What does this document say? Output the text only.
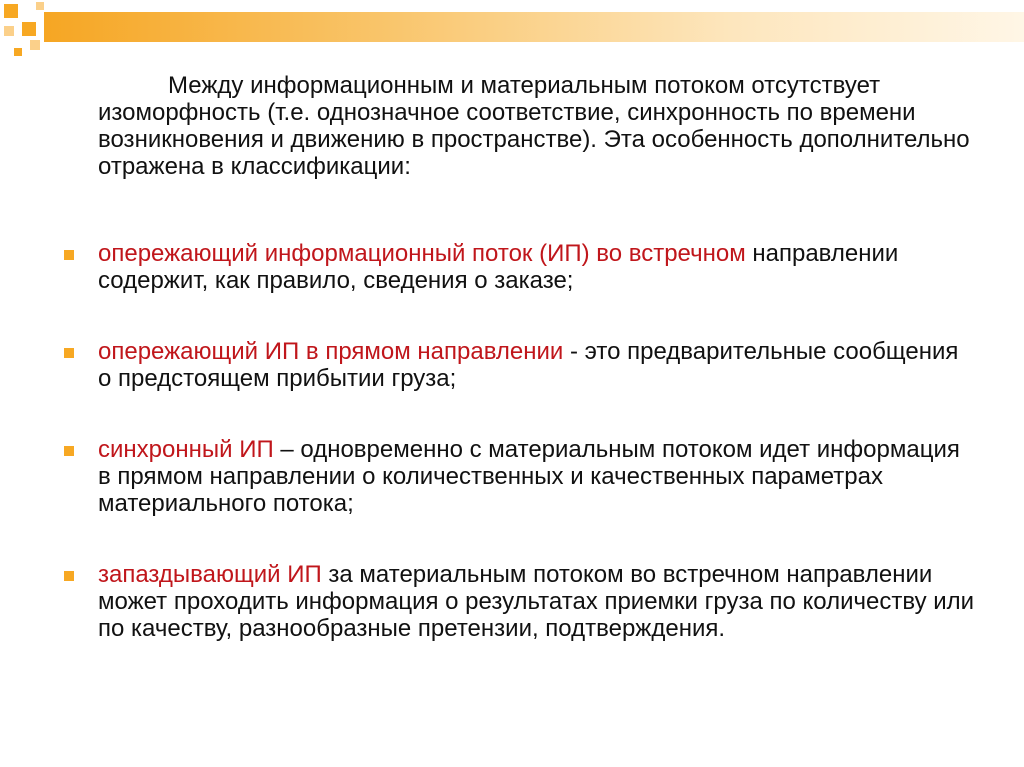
Между информационным и материальным потоком отсутствует изоморфность (т.е. однозначное соответствие, синхронность по времени возникновения и движению в пространстве). Эта особенность дополнительно отражена в классификации:

опережающий информационный поток (ИП) во встречном направлении содержит, как правило, сведения о заказе;
опережающий ИП в прямом направлении - это предварительные сообщения о предстоящем прибытии груза;
синхронный ИП – одновременно с материальным потоком идет информация в прямом направлении о количественных и качественных параметрах материального потока;
запаздывающий ИП за материальным потоком во встречном направлении может проходить информация о результатах приемки груза по количеству или по качеству, разнообразные претензии, подтверждения.
